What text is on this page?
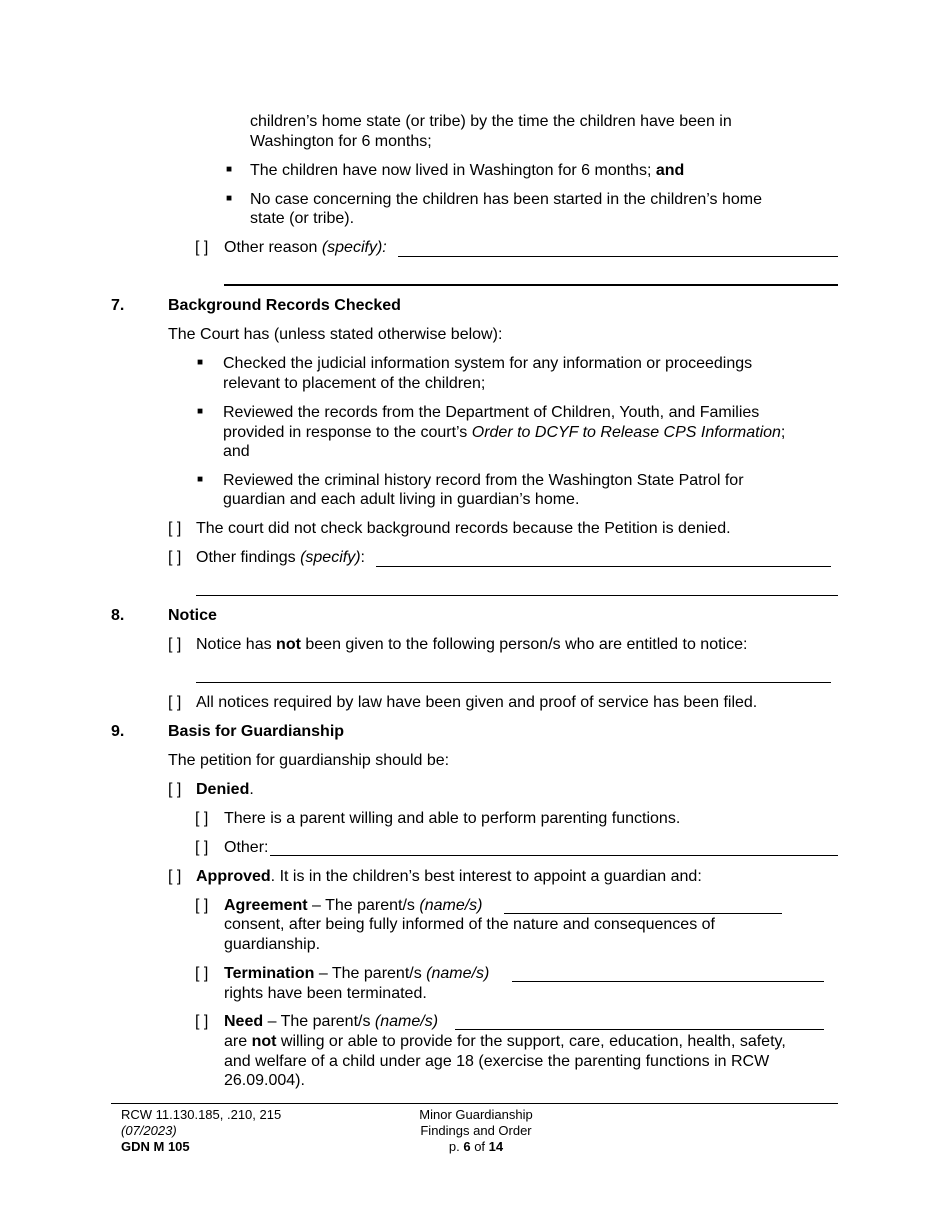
children’s home state (or tribe) by the time the children have been in
Washington for 6 months;
■ The children have now lived in Washington for 6 months; and
■ No case concerning the children has been started in the children’s home
state (or tribe).
[ ] Other reason (specify):
7.	Background Records Checked
The Court has (unless stated otherwise below):
■ Checked the judicial information system for any information or proceedings
relevant to placement of the children;
■ Reviewed the records from the Department of Children, Youth, and Families
provided in response to the court’s Order to DCYF to Release CPS Information;
and
■ Reviewed the criminal history record from the Washington State Patrol for
guardian and each adult living in guardian’s home.
[ ] The court did not check background records because the Petition is denied.
[ ] Other findings (specify):
8.	Notice
[ ] Notice has not been given to the following person/s who are entitled to notice:
[ ] All notices required by law have been given and proof of service has been filed.
9.	Basis for Guardianship
The petition for guardianship should be:
[ ] Denied.
[ ] There is a parent willing and able to perform parenting functions.
[ ] Other:
[ ] Approved. It is in the children’s best interest to appoint a guardian and:
[ ] Agreement – The parent/s (name/s)
consent, after being fully informed of the nature and consequences of
guardianship.
[ ] Termination – The parent/s (name/s)
rights have been terminated.
[ ] Need – The parent/s (name/s)
are not willing or able to provide for the support, care, education, health, safety,
and welfare of a child under age 18 (exercise the parenting functions in RCW
26.09.004).
RCW 11.130.185, .210, 215
(07/2023)
GDN M 105
Minor Guardianship
Findings and Order
p. 6 of 14
